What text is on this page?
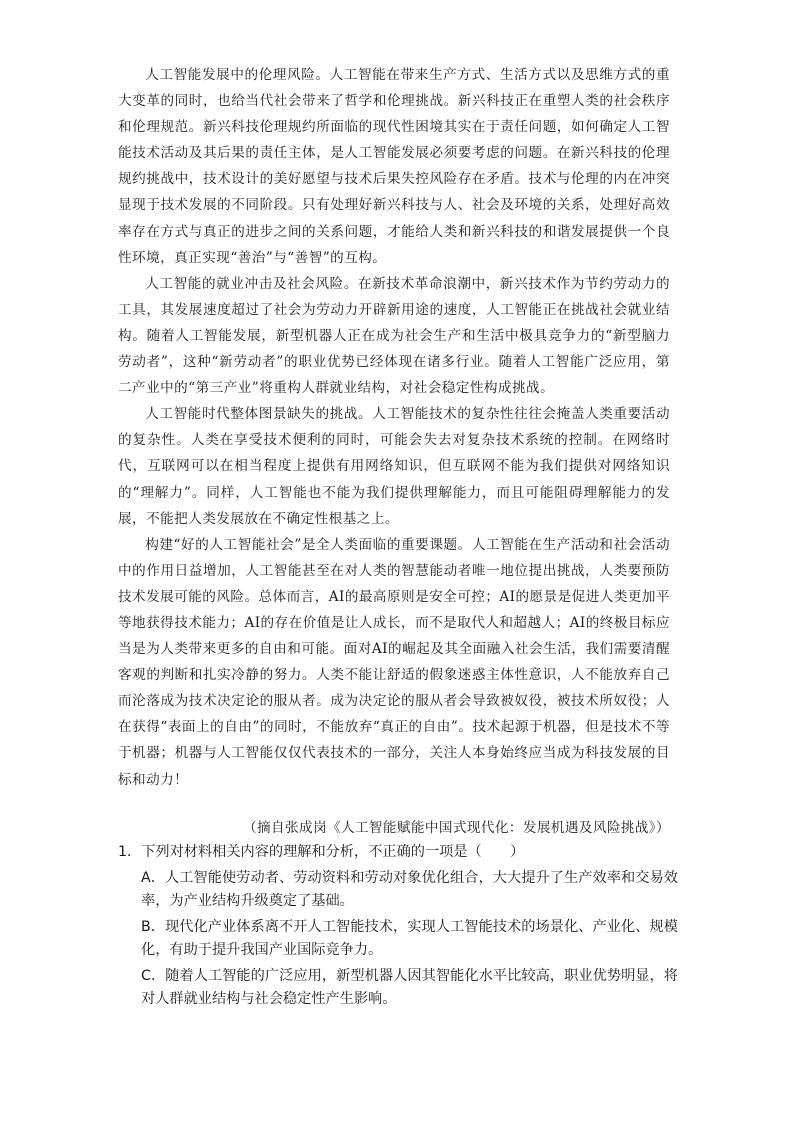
人工智能发展中的伦理风险。人工智能在带来生产方式、生活方式以及思维方式的重大变革的同时，也给当代社会带来了哲学和伦理挑战。新兴科技正在重塑人类的社会秩序和伦理规范。新兴科技伦理规约所面临的现代性困境其实在于责任问题，如何确定人工智能技术活动及其后果的责任主体，是人工智能发展必须要考虑的问题。在新兴科技的伦理规约挑战中，技术设计的美好愿望与技术后果失控风险存在矛盾。技术与伦理的内在冲突显现于技术发展的不同阶段。只有处理好新兴科技与人、社会及环境的关系，处理好高效率存在方式与真正的进步之间的关系问题，才能给人类和新兴科技的和谐发展提供一个良性环境，真正实现“善治”与“善智”的互构。

人工智能的就业冲击及社会风险。在新技术革命浪潮中，新兴技术作为节约劳动力的工具，其发展速度超过了社会为劳动力开辟新用途的速度，人工智能正在挑战社会就业结构。随着人工智能发展，新型机器人正在成为社会生产和生活中极具竞争力的“新型脑力劳动者”，这种“新劳动者”的职业优势已经体现在诸多行业。随着人工智能广泛应用，第二产业中的“第三产业”将重构人群就业结构，对社会稳定性构成挑战。

人工智能时代整体图景缺失的挑战。人工智能技术的复杂性往往会掩盖人类重要活动的复杂性。人类在享受技术便利的同时，可能会失去对复杂技术系统的控制。在网络时代，互联网可以在相当程度上提供有用网络知识，但互联网不能为我们提供对网络知识的“理解力”。同样，人工智能也不能为我们提供理解能力，而且可能阻碍理解能力的发展，不能把人类发展放在不确定性根基之上。

构建“好的人工智能社会”是全人类面临的重要课题。人工智能在生产活动和社会活动中的作用日益增加，人工智能甚至在对人类的智慧能动者唯一地位提出挑战，人类要预防技术发展可能的风险。总体而言，AI的最高原则是安全可控；AI的愿景是促进人类更加平等地获得技术能力；AI的存在价值是让人成长，而不是取代人和超越人；AI的终极目标应当是为人类带来更多的自由和可能。面对AI的崛起及其全面融入社会生活，我们需要清醒客观的判断和扎实冷静的努力。人类不能让舒适的假象迷惑主体性意识，人不能放弃自己而沦落成为技术决定论的服从者。成为决定论的服从者会导致被奴役，被技术所奴役；人在获得“表面上的自由”的同时，不能放弃“真正的自由”。技术起源于机器，但是技术不等于机器；机器与人工智能仅仅代表技术的一部分，关注人本身始终应当成为科技发展的目标和动力！

（摘自张成岗《人工智能赋能中国式现代化：发展机遇及风险挑战》）
1．下列对材料相关内容的理解和分析，不正确的一项是（　　）
A．人工智能使劳动者、劳动资料和劳动对象优化组合，大大提升了生产效率和交易效率，为产业结构升级奠定了基础。
B．现代化产业体系离不开人工智能技术，实现人工智能技术的场景化、产业化、规模化，有助于提升我国产业国际竞争力。
C．随着人工智能的广泛应用，新型机器人因其智能化水平比较高，职业优势明显，将对人群就业结构与社会稳定性产生影响。
